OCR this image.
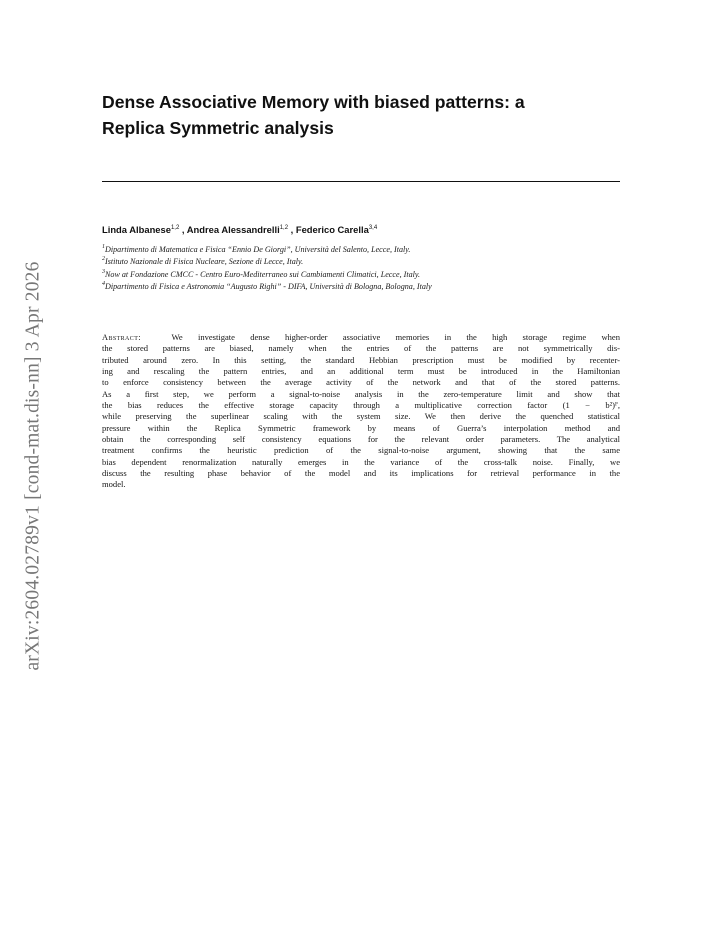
arXiv:2604.02789v1 [cond-mat.dis-nn] 3 Apr 2026
Dense Associative Memory with biased patterns: a
Replica Symmetric analysis
Linda Albanese$^{1,2}$ , Andrea Alessandrelli$^{1,2}$ , Federico Carella$^{3,4}$
$^1$Dipartimento di Matematica e Fisica “Ennio De Giorgi”, Università del Salento, Lecce, Italy.
$^2$Istituto Nazionale di Fisica Nucleare, Sezione di Lecce, Italy.
$^3$Now at Fondazione CMCC - Centro Euro-Mediterraneo sui Cambiamenti Climatici, Lecce, Italy.
$^4$Dipartimento di Fisica e Astronomia “Augusto Righi” - DIFA, Università di Bologna, Bologna, Italy
Abstract:	We investigate dense higher-order associative memories in the high storage regime when
the stored patterns are biased, namely when the entries of the patterns are not symmetrically dis-
tributed around zero. In this setting, the standard Hebbian prescription must be modified by recenter-
ing and rescaling the pattern entries, and an additional term must be introduced in the Hamiltonian
to enforce consistency between the average activity of the network and that of the stored patterns.
As a first step, we perform a signal-to-noise analysis in the zero-temperature limit and show that
the bias reduces the effective storage capacity through a multiplicative correction factor (1 − b²)ᴾ,
while preserving the superlinear scaling with the system size. We then derive the quenched statistical
pressure within the Replica Symmetric framework by means of Guerra’s interpolation method and
obtain the corresponding self consistency equations for the relevant order parameters. The analytical
treatment confirms the heuristic prediction of the signal-to-noise argument, showing that the same
bias dependent renormalization naturally emerges in the variance of the cross-talk noise. Finally, we
discuss the resulting phase behavior of the model and its implications for retrieval performance in the
model.
